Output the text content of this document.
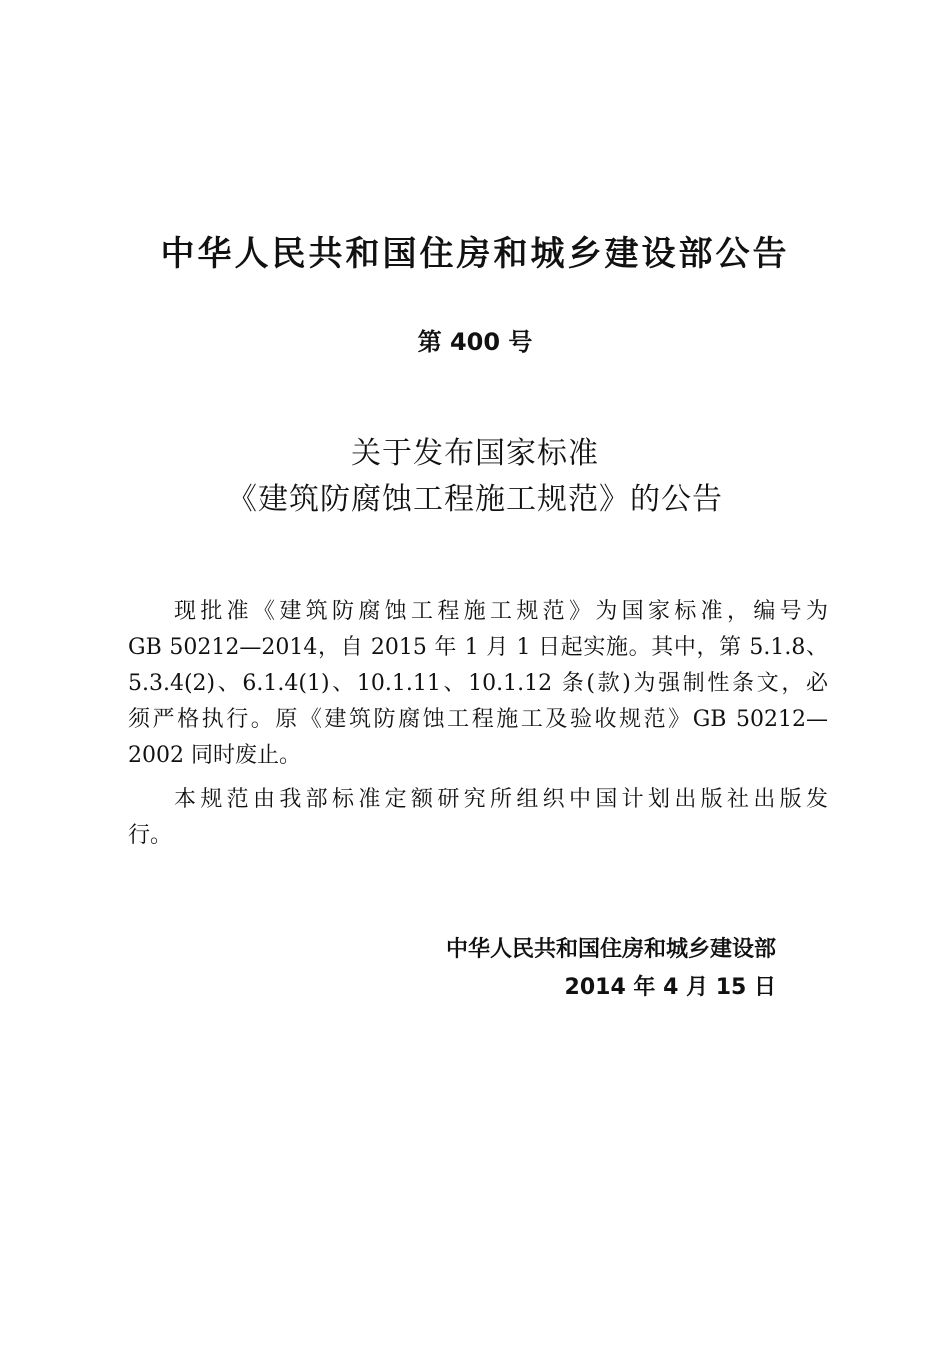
中华人民共和国住房和城乡建设部公告
第 400 号
关于发布国家标准
《建筑防腐蚀工程施工规范》的公告
现批准《建筑防腐蚀工程施工规范》为国家标准，编号为
GB 50212—2014，自 2015 年 1 月 1 日起实施。其中，第 5.1.8、
5.3.4(2)、6.1.4(1)、10.1.11、10.1.12 条(款)为强制性条文，必
须严格执行。原《建筑防腐蚀工程施工及验收规范》GB 50212—
2002 同时废止。
本规范由我部标准定额研究所组织中国计划出版社出版发
行。
中华人民共和国住房和城乡建设部
2014 年 4 月 15 日
